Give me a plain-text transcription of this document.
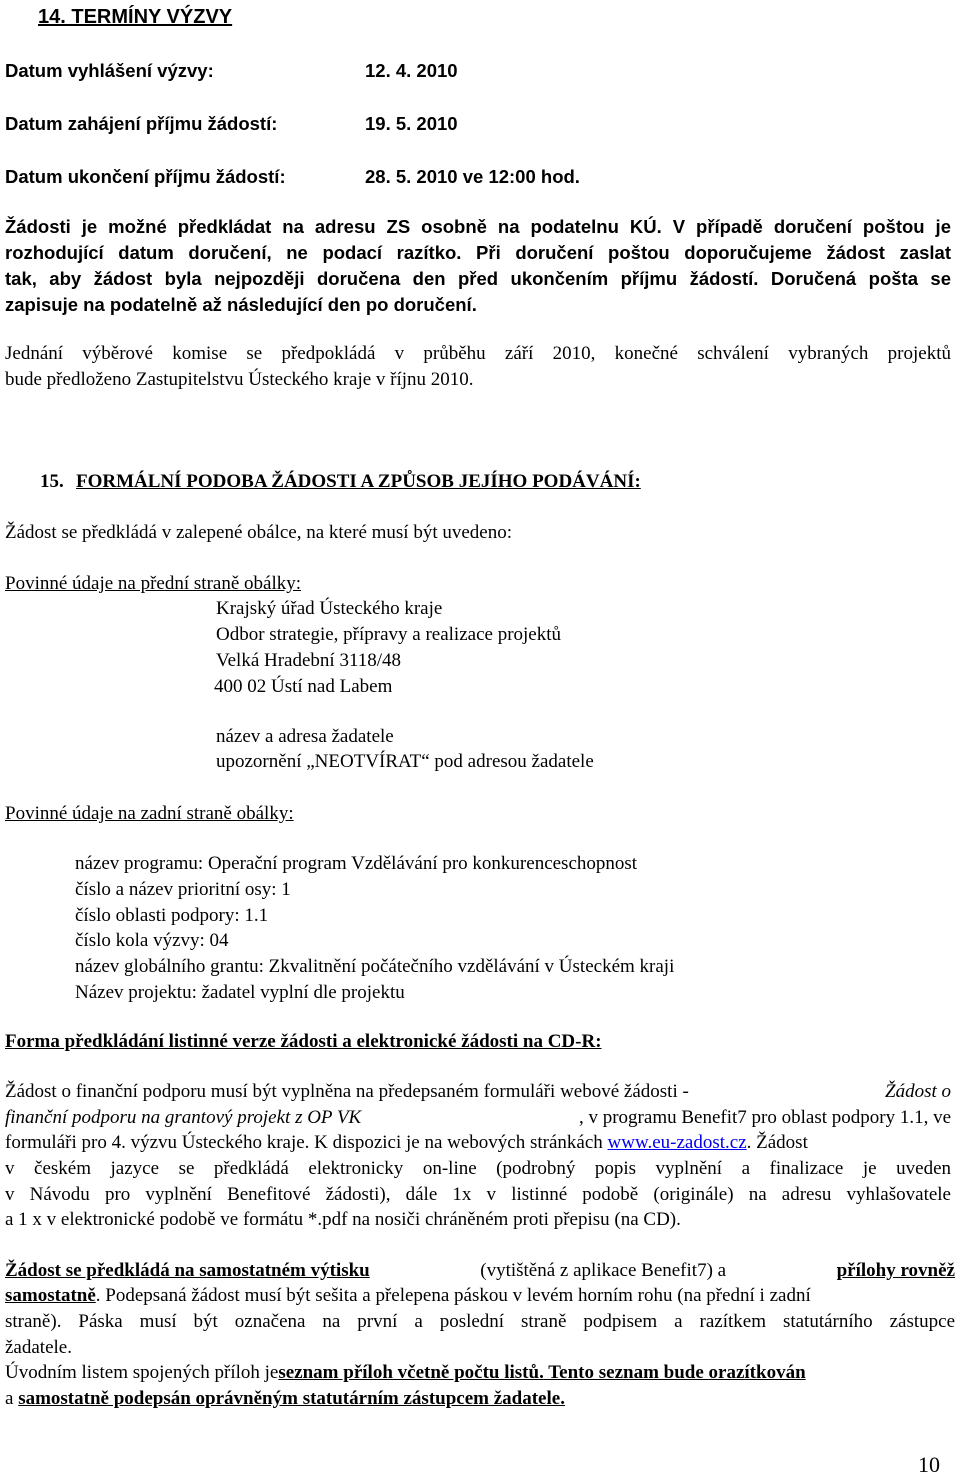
14. TERMÍNY VÝZVY
Datum vyhlášení výzvy:	12. 4. 2010
Datum zahájení příjmu žádostí:	19. 5. 2010
Datum ukončení příjmu žádostí:	28. 5. 2010 ve 12:00 hod.
Žádosti je možné předkládat na adresu ZS osobně na podatelnu KÚ. V případě doručení poštou je
rozhodující datum doručení, ne podací razítko. Při doručení poštou doporučujeme žádost zaslat
tak, aby žádost byla nejpozději doručena den před ukončením příjmu žádostí. Doručená pošta se
zapisuje na podatelně až následující den po doručení.
Jednání výběrové komise se předpokládá v průběhu září 2010, konečné schválení vybraných projektů
bude předloženo Zastupitelstvu Ústeckého kraje v říjnu 2010.
15. FORMÁLNÍ PODOBA ŽÁDOSTI A ZPŮSOB JEJÍHO PODÁVÁNÍ:
Žádost se předkládá v zalepené obálce, na které musí být uvedeno:
Povinné údaje na přední straně obálky:
Krajský úřad Ústeckého kraje
Odbor strategie, přípravy a realizace projektů
Velká Hradební 3118/48
400 02 Ústí nad Labem
název a adresa žadatele
upozornění „NEOTVÍRAT“ pod adresou žadatele
Povinné údaje na zadní straně obálky:
název programu: Operační program Vzdělávání pro konkurenceschopnost
číslo a název prioritní osy: 1
číslo oblasti podpory: 1.1
číslo kola výzvy: 04
název globálního grantu: Zkvalitnění počátečního vzdělávání v Ústeckém kraji
Název projektu: žadatel vyplní dle projektu
Forma předkládání listinné verze žádosti a elektronické žádosti na CD-R:
Žádost o finanční podporu musí být vyplněna na předepsaném formuláři webové žádosti -	Žádost o
finanční podporu na grantový projekt z OP VK	, v programu Benefit7 pro oblast podpory 1.1, ve
formuláři pro 4. výzvu Ústeckého kraje. K dispozici je na webových stránkách www.eu-zadost.cz. Žádost
v českém jazyce se předkládá elektronicky on-line (podrobný popis vyplnění a finalizace je uveden
v Návodu pro vyplnění Benefitové žádosti), dále 1x v listinné podobě (originále) na adresu vyhlašovatele
a 1 x v elektronické podobě ve formátu *.pdf na nosiči chráněném proti přepisu (na CD).
Žádost se předkládá na samostatném výtisku	(vytištěná z aplikace Benefit7) a	přílohy rovněž
samostatně . Podepsaná žádost musí být sešita a přelepena páskou v levém horním rohu (na přední i zadní
straně). Páska musí být označena na první a poslední straně podpisem a razítkem statutárního zástupce
žadatele.
Úvodním listem spojených příloh je seznam příloh včetně počtu listů. Tento seznam bude orazítkován
a samostatně podepsán oprávněným statutárním zástupcem žadatele.
10
